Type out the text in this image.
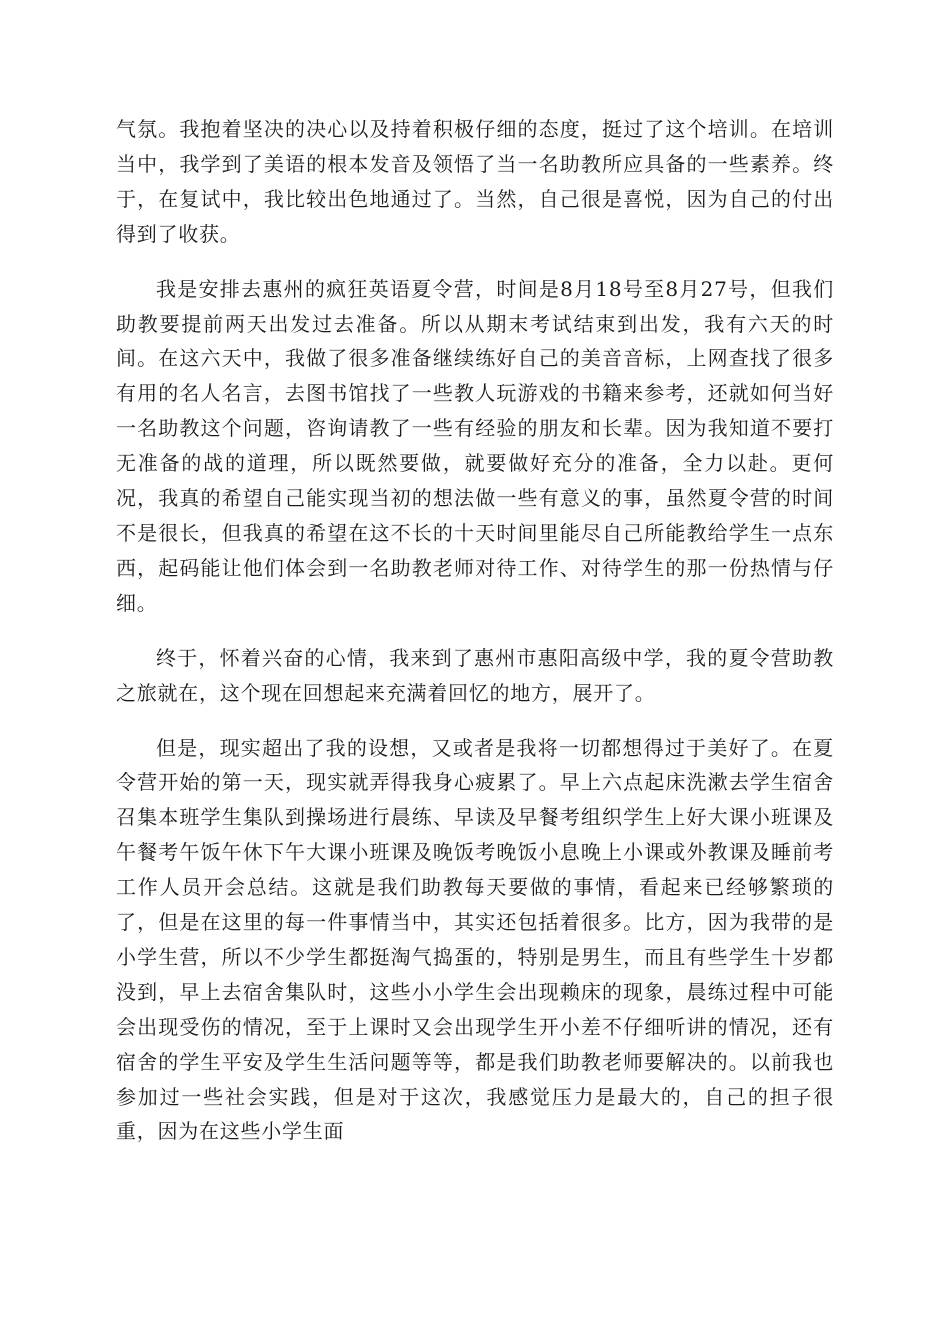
气氛。我抱着坚决的决心以及持着积极仔细的态度，挺过了这个培训。在培训当中，我学到了美语的根本发音及领悟了当一名助教所应具备的一些素养。终于，在复试中，我比较出色地通过了。当然，自己很是喜悦，因为自己的付出得到了收获。

我是安排去惠州的疯狂英语夏令营，时间是8月18号至8月27号，但我们助教要提前两天出发过去准备。所以从期末考试结束到出发，我有六天的时间。在这六天中，我做了很多准备继续练好自己的美音音标，上网查找了很多有用的名人名言，去图书馆找了一些教人玩游戏的书籍来参考，还就如何当好一名助教这个问题，咨询请教了一些有经验的朋友和长辈。因为我知道不要打无准备的战的道理，所以既然要做，就要做好充分的准备，全力以赴。更何况，我真的希望自己能实现当初的想法做一些有意义的事，虽然夏令营的时间不是很长，但我真的希望在这不长的十天时间里能尽自己所能教给学生一点东西，起码能让他们体会到一名助教老师对待工作、对待学生的那一份热情与仔细。

终于，怀着兴奋的心情，我来到了惠州市惠阳高级中学，我的夏令营助教之旅就在，这个现在回想起来充满着回忆的地方，展开了。

但是，现实超出了我的设想，又或者是我将一切都想得过于美好了。在夏令营开始的第一天，现实就弄得我身心疲累了。早上六点起床洗漱去学生宿舍召集本班学生集队到操场进行晨练、早读及早餐考组织学生上好大课小班课及午餐考午饭午休下午大课小班课及晚饭考晚饭小息晚上小课或外教课及睡前考工作人员开会总结。这就是我们助教每天要做的事情，看起来已经够繁琐的了，但是在这里的每一件事情当中，其实还包括着很多。比方，因为我带的是小学生营，所以不少学生都挺淘气捣蛋的，特别是男生，而且有些学生十岁都没到，早上去宿舍集队时，这些小小学生会出现赖床的现象，晨练过程中可能会出现受伤的情况，至于上课时又会出现学生开小差不仔细听讲的情况，还有宿舍的学生平安及学生生活问题等等，都是我们助教老师要解决的。以前我也参加过一些社会实践，但是对于这次，我感觉压力是最大的，自己的担子很重，因为在这些小学生面
